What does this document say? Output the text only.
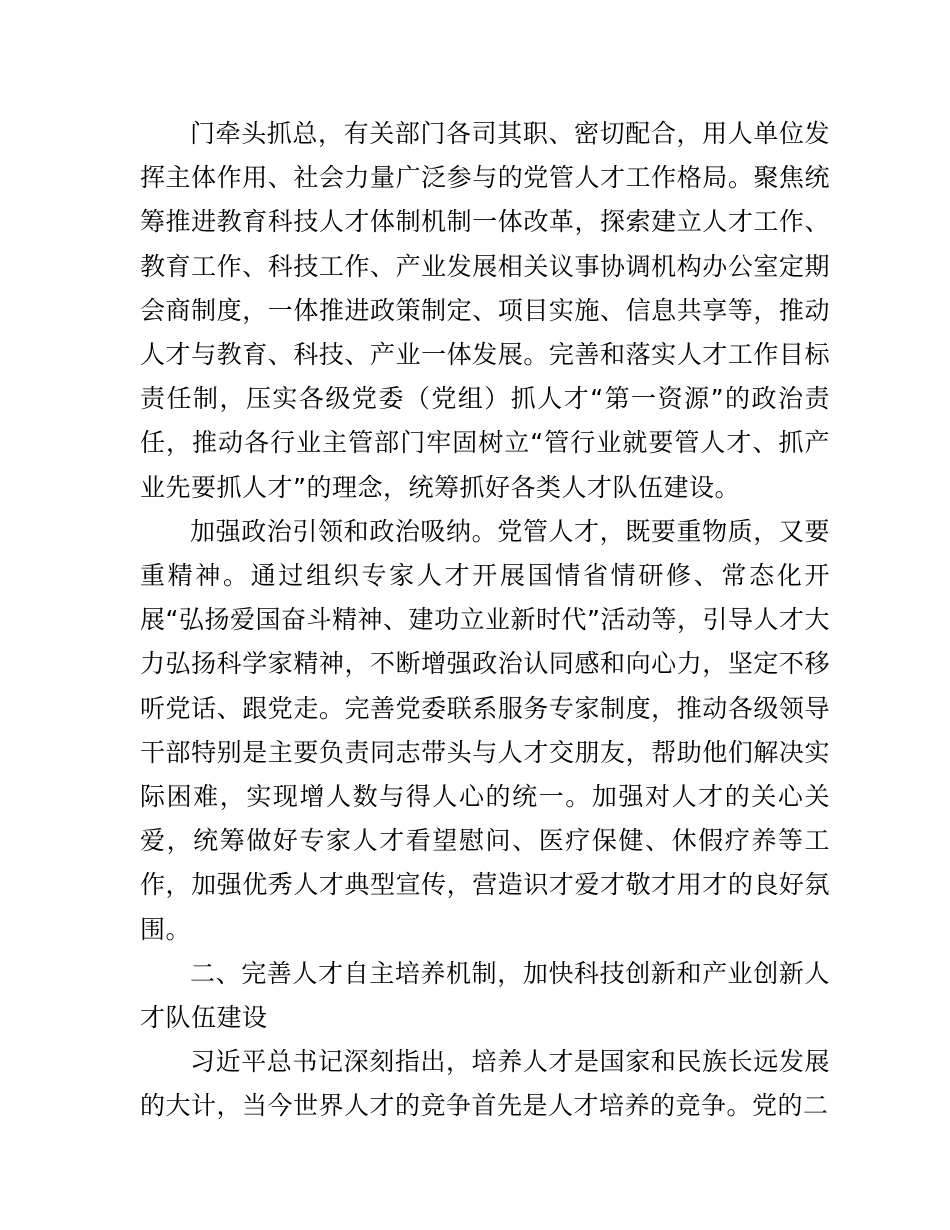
门牵头抓总，有关部门各司其职、密切配合，用人单位发挥主体作用、社会力量广泛参与的党管人才工作格局。聚焦统筹推进教育科技人才体制机制一体改革，探索建立人才工作、教育工作、科技工作、产业发展相关议事协调机构办公室定期会商制度，一体推进政策制定、项目实施、信息共享等，推动人才与教育、科技、产业一体发展。完善和落实人才工作目标责任制，压实各级党委（党组）抓人才“第一资源”的政治责任，推动各行业主管部门牢固树立“管行业就要管人才、抓产业先要抓人才”的理念，统筹抓好各类人才队伍建设。

加强政治引领和政治吸纳。党管人才，既要重物质，又要重精神。通过组织专家人才开展国情省情研修、常态化开展“弘扬爱国奋斗精神、建功立业新时代”活动等，引导人才大力弘扬科学家精神，不断增强政治认同感和向心力，坚定不移听党话、跟党走。完善党委联系服务专家制度，推动各级领导干部特别是主要负责同志带头与人才交朋友，帮助他们解决实际困难，实现增人数与得人心的统一。加强对人才的关心关爱，统筹做好专家人才看望慰问、医疗保健、休假疗养等工作，加强优秀人才典型宣传，营造识才爱才敬才用才的良好氛围。

二、完善人才自主培养机制，加快科技创新和产业创新人才队伍建设

习近平总书记深刻指出，培养人才是国家和民族长远发展的大计，当今世界人才的竞争首先是人才培养的竞争。党的二
